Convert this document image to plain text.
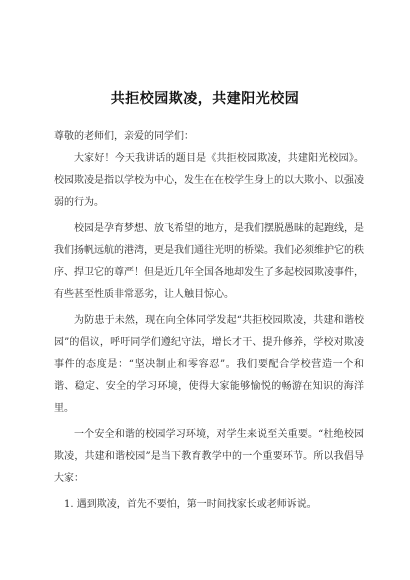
共拒校园欺凌，共建阳光校园

尊敬的老师们，亲爱的同学们：

大家好！今天我讲话的题目是《共拒校园欺凌，共建阳光校园》。校园欺凌是指以学校为中心，发生在在校学生身上的以大欺小、以强凌弱的行为。

校园是孕育梦想、放飞希望的地方，是我们摆脱愚昧的起跑线，是我们扬帆远航的港湾，更是我们通往光明的桥梁。我们必须维护它的秩序、捍卫它的尊严！但是近几年全国各地却发生了多起校园欺凌事件，有些甚至性质非常恶劣，让人触目惊心。

为防患于未然，现在向全体同学发起“共拒校园欺凌，共建和谐校园”的倡议，呼吁同学们遵纪守法，增长才干、提升修养，学校对欺凌事件的态度是：“坚决制止和零容忍”。我们要配合学校营造一个和谐、稳定、安全的学习环境，使得大家能够愉悦的畅游在知识的海洋里。

一个安全和谐的校园学习环境，对学生来说至关重要。“杜绝校园欺凌，共建和谐校园”是当下教育教学中的一个重要环节。所以我倡导大家：

1. 遇到欺凌，首先不要怕，第一时间找家长或老师诉说。
